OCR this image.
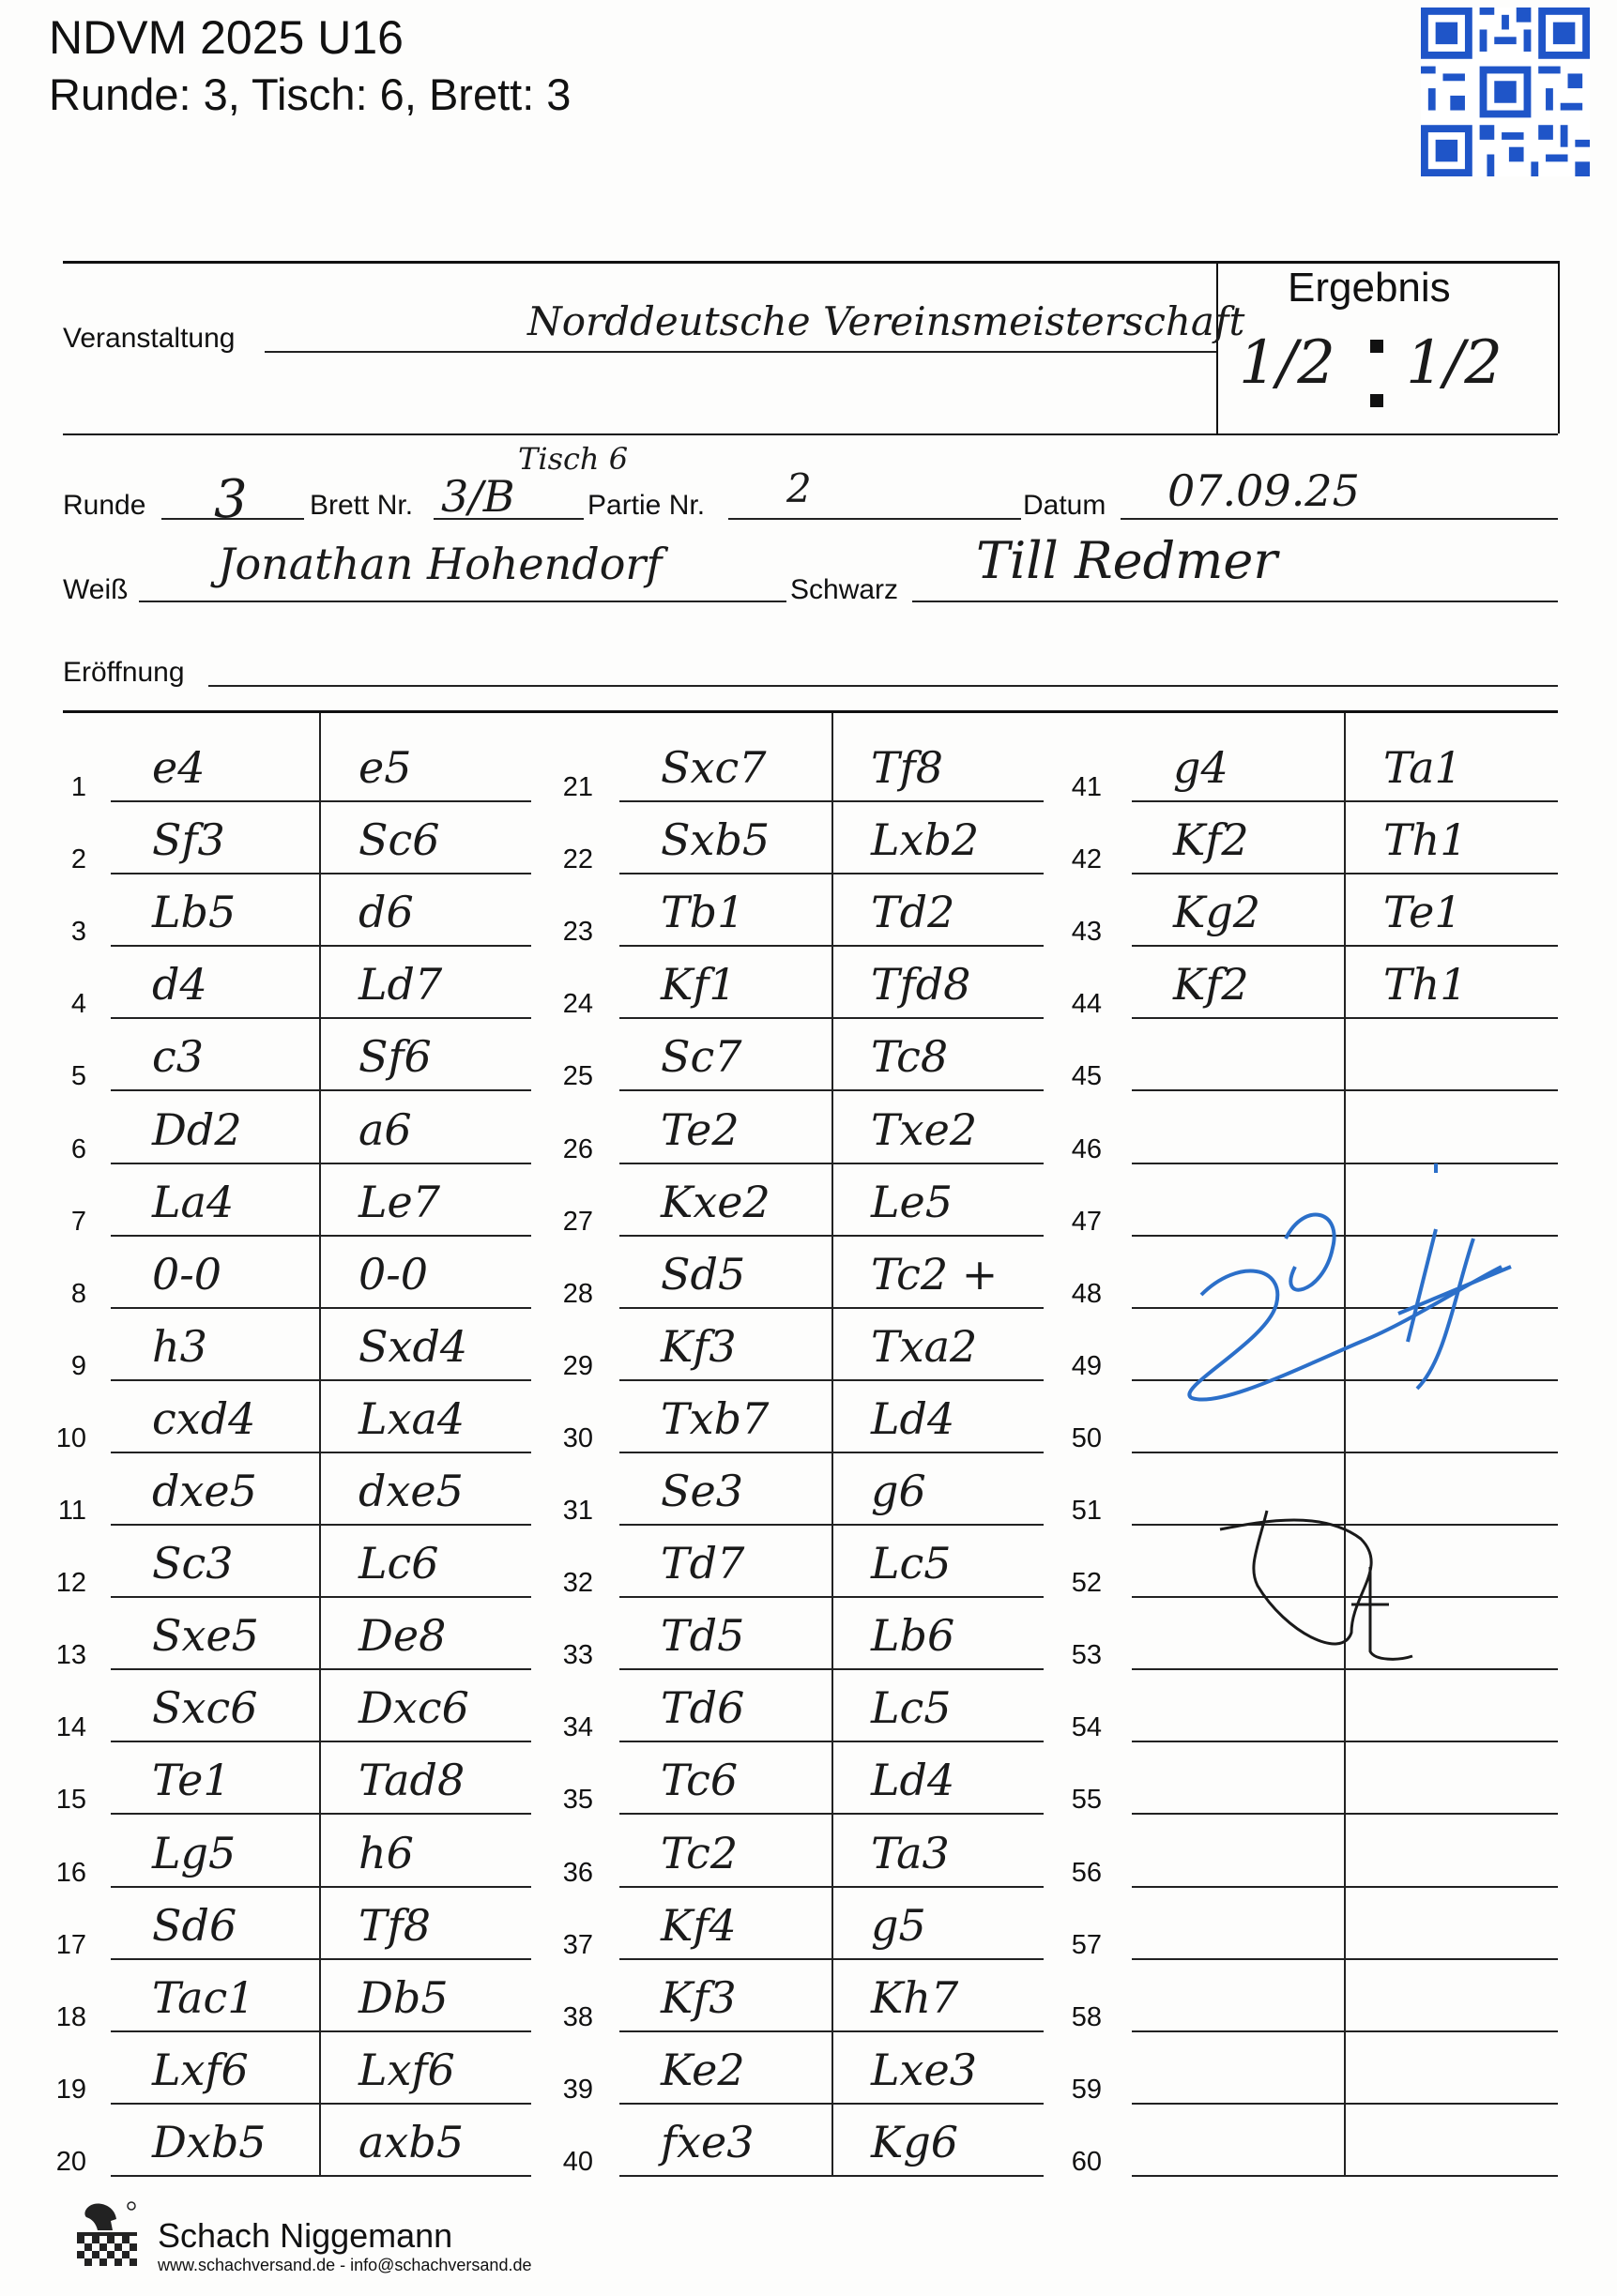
NDVM 2025 U16
Runde: 3, Tisch: 6, Brett: 3
Veranstaltung	Norddeutsche Vereinsmeisterschaft
Ergebnis
1/2 1/2
Runde 3 Brett Nr. 3/B
Tisch 6
Partie Nr. 2	Datum 07.09.25
Weiß
Jonathan Hohendorf
Schwarz Till Redmer
Eröffnung
1 e4	e5
2 Sf3	Sc6
3 Lb5	d6
4 d4	Ld7
5 c3	Sf6
6 Dd2	a6
7 La4	Le7
8 0-0	0-0
9 h3	Sxd4
10 cxd4 Lxa4
11 dxe5 dxe5
12 Sc3	Lc6
13 Sxe5 De8
14 Sxc6 Dxc6
15 Te1	Tad8
16 Lg5	h6
17 Sd6	Tf8
18 Tac1 Db5
19 Lxf6	Lxf6
20 Dxb5 axb5
21 Sxc7 Tf8
22 Sxb5 Lxb2
23 Tb1	Td2
24 Kf1	Tfd8
25 Sc7	Tc8
26 Te2	Txe2
27 Kxe2 Le5
28 Sd5	Tc2 +
29 Kf3	Txa2
30 Txb7 Ld4
31 Se3	g6
32 Td7	Lc5
33 Td5	Lb6
34 Td6	Lc5
35 Tc6	Ld4
36 Tc2	Ta3
37 Kf4	g5
38 Kf3	Kh7
39 Ke2	Lxe3
40 fxe3	Kg6
41 g4	Ta1
42 Kf2	Th1
43 Kg2	Te1
44 Kf2	Th1
45
46
47
48
49
50
51
52
53
54
55
56
57
58
59
60
Schach Niggemann
www.schachversand.de - info@schachversand.de
